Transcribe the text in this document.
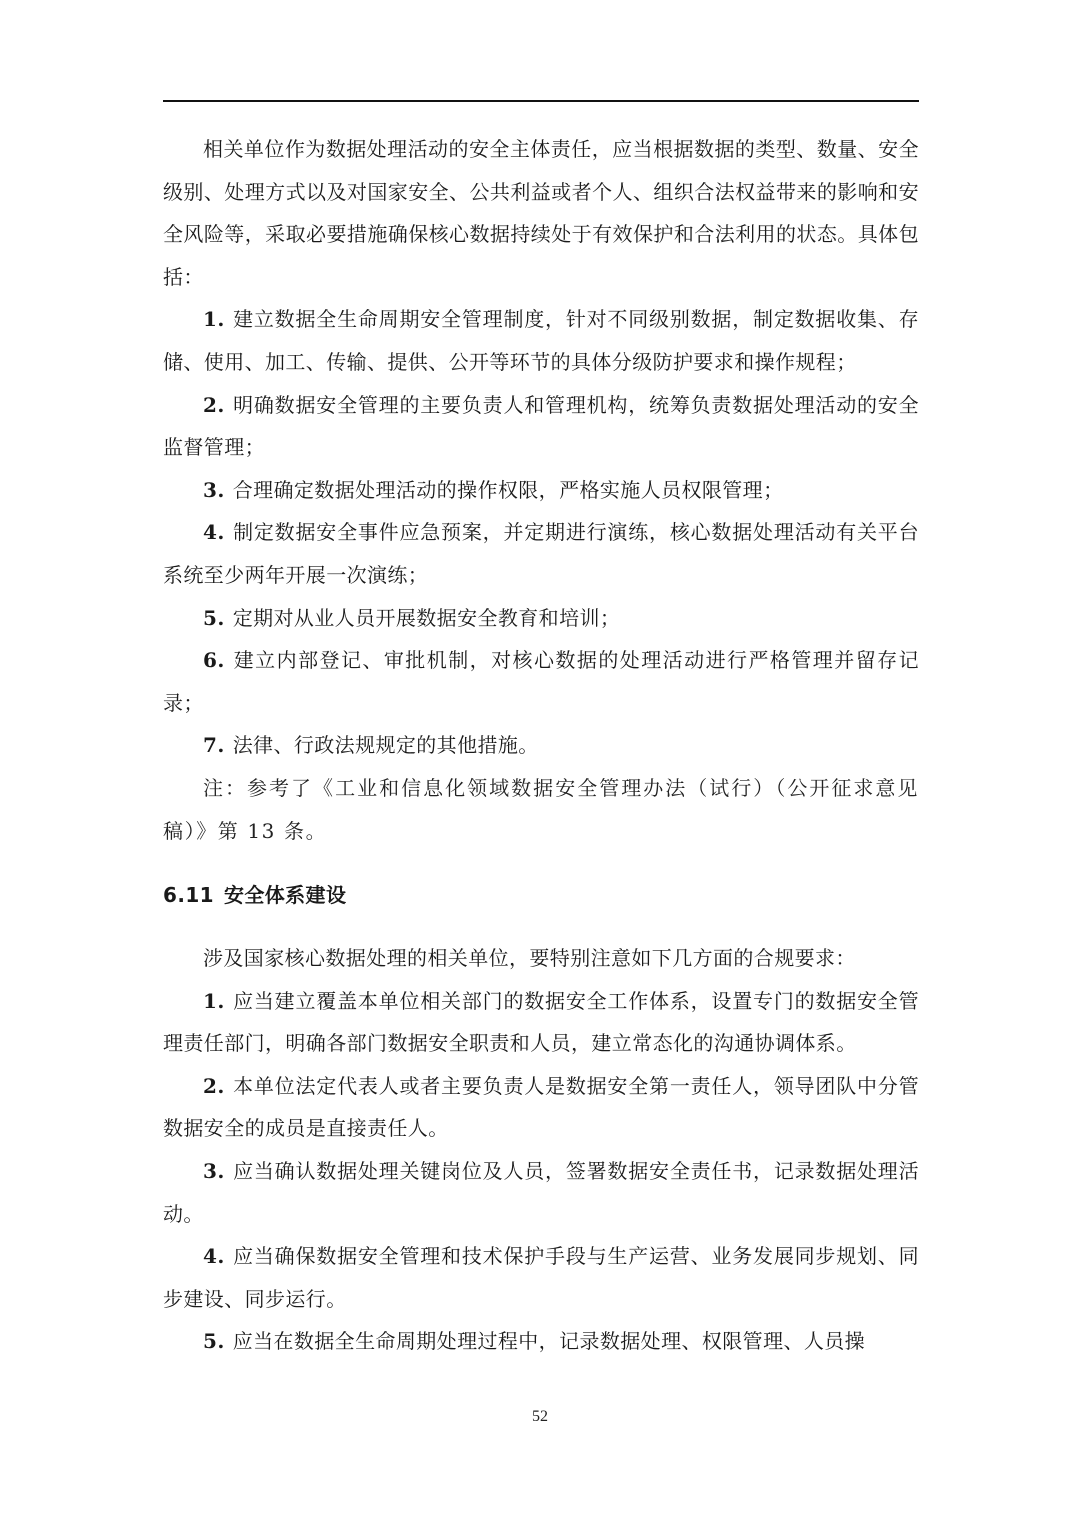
相关单位作为数据处理活动的安全主体责任，应当根据数据的类型、数量、安全级别、处理方式以及对国家安全、公共利益或者个人、组织合法权益带来的影响和安全风险等，采取必要措施确保核心数据持续处于有效保护和合法利用的状态。具体包括：

1. 建立数据全生命周期安全管理制度，针对不同级别数据，制定数据收集、存储、使用、加工、传输、提供、公开等环节的具体分级防护要求和操作规程；

2. 明确数据安全管理的主要负责人和管理机构，统筹负责数据处理活动的安全监督管理；

3. 合理确定数据处理活动的操作权限，严格实施人员权限管理；

4. 制定数据安全事件应急预案，并定期进行演练，核心数据处理活动有关平台系统至少两年开展一次演练；

5. 定期对从业人员开展数据安全教育和培训；

6. 建立内部登记、审批机制，对核心数据的处理活动进行严格管理并留存记录；

7. 法律、行政法规规定的其他措施。

注：参考了《工业和信息化领域数据安全管理办法（试行）（公开征求意见稿）》第 13 条。

6.11 安全体系建设

涉及国家核心数据处理的相关单位，要特别注意如下几方面的合规要求：

1. 应当建立覆盖本单位相关部门的数据安全工作体系，设置专门的数据安全管理责任部门，明确各部门数据安全职责和人员，建立常态化的沟通协调体系。

2. 本单位法定代表人或者主要负责人是数据安全第一责任人，领导团队中分管数据安全的成员是直接责任人。

3. 应当确认数据处理关键岗位及人员，签署数据安全责任书，记录数据处理活动。

4. 应当确保数据安全管理和技术保护手段与生产运营、业务发展同步规划、同步建设、同步运行。

5. 应当在数据全生命周期处理过程中，记录数据处理、权限管理、人员操

52
